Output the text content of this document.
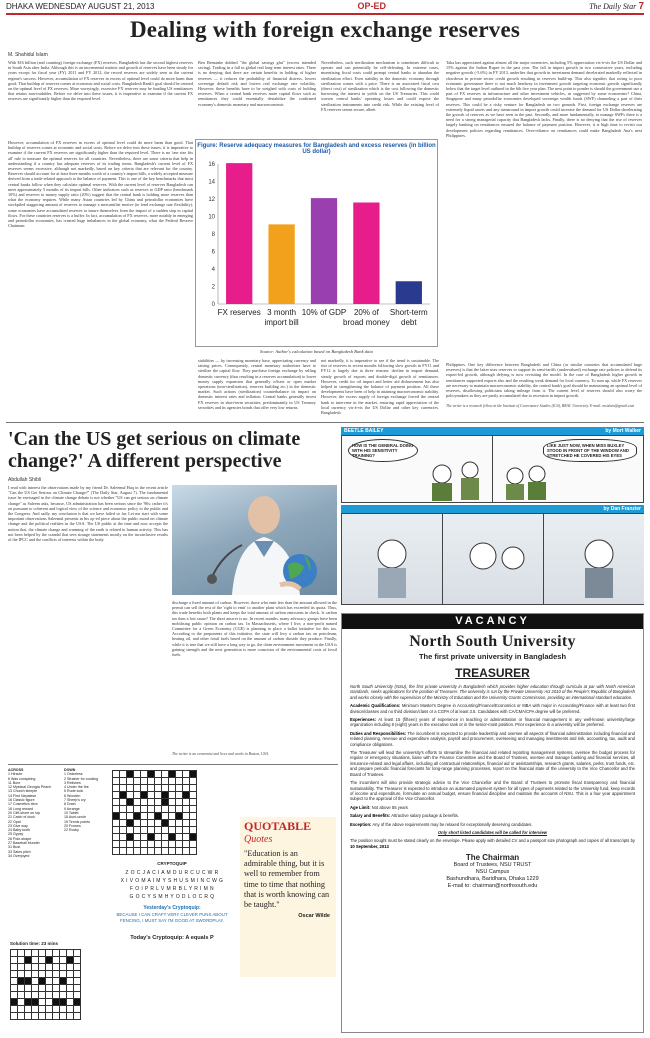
DHAKA WEDNESDAY AUGUST 21, 2013	OP-ED	The Daily Star 7
Dealing with foreign exchange reserves
M. Shahidul Islam
With $16 billion (and counting) foreign exchange (FX) reserves, Bangladesh has the second highest reserves in South Asia after India. Although this is an incremental statistic and growth of reserves have been steady for years except for fiscal year (FY) 2011 and FY 2012, the record reserves are widely seen as the current regime's success. However, accumulation of FX reserves in excess of optimal level could do more harm than good. That buildup of reserves comes at economic and social costs. Bangladesh Bank's goal should be centred on the optimal level of FX reserves. More worryingly, excessive FX reserves may be funding US remittances that retains non-tradables. Before we delve into these issues, it is imperative to examine if the current FX reserves are significantly higher than the required level.
Ben Bernanke dubbed "the global savings glut" (excess intended saving). Trading in a fall in global real long-term interest rates. There is no denying that there are certain benefits in holding of higher reserves — it reduces the probability of financial distress, lowers sovereign default risk and lowers real exchange rate volatility. However, these benefits have to be weighed with costs of holding reserves. When a central bank receives more capital flows such as remittances they could essentially destabilize the confirmed economy's domestic monetary and macroeconomic
Nevertheless, such sterilization mechanism is sometimes difficult to operate and can potentially be self-defeating. In extreme cases, monetizing fiscal costs could prompt central banks to abandon the sterilization effort. Even stability in the domestic economy through sterilization comes with a price. There is an associated fiscal cost (direct cost) of sterilization which is the cost following the domestic borrowing the interest in yields on the US Treasuries. This could worsen central banks' operating losses and could expose the sterilization instruments into credit risk. While the existing level of FX reserves seems secure, albeit
Taka has appreciated against almost all the major currencies, including 5% appreciation vis-à-vis the US Dollar and 15% against the Indian Rupee in the past year. The fall in import growth in two consecutive years, including negative growth (-5.6%) in FY 2013, underlies that growth in investment demand decelerated markedly reflected in slowdown in private sector credit growth resulting in reserves build-up. This also signifies that owing to poor economic governance there is not much headway in investment growth targeting economic growth significantly below that the target level outlined in the 6th five year plan. The next point to ponder is should the government use a part of FX reserves in infrastructure and other investment vehicles, as suggested by some economists? China, Singapore and many petrodollar economies developed sovereign wealth funds (SWF) channeling a part of their reserves. This could be a risky venture for Bangladesh on two grounds. First, foreign exchange reserves are extremely liquid assets and any turnaround in import growth could increase the demand for US Dollar decelerating the growth of reserves as we have seen in the past. Secondly, and more fundamentally, to manage SWFs there is a need for a strong managerial capacity that Bangladesh lacks. Finally, there is no denying that the rise of reserves largely banking on remittances ensured the balance of payment position. However, it is high time to revisit our development policies regarding remittances. Over-reliance on remittances could make Bangladesh Ana's next Philippines.
However, accumulation of FX reserves in excess of optimal level could do more harm than good. That buildup of reserves comes at economic and social costs. Before we delve into these issues, it is imperative to examine if the current FX reserves are significantly higher than the required level. There is no 'one size fits all' rule to measure the optimal reserves for all countries. Nevertheless, there are some criteria that help in understanding if a country has adequate reserves of its trading terms. Bangladesh's current level of FX reserves seems excessive, although not markedly, based on key criteria that are relevant for the country. Reserves should account for at least three months worth of a country's import bills, a widely accepted measure derived from a trade-related approach to the balance of payment. This is one of the key benchmarks that most central banks follow when they calculate optimal reserves. With the current level of reserves Bangladesh can meet approximately 5 months of its import bills. Other indicators such as reserves to GDP ratio (benchmark 10%) and reserves to money supply ratio (20%) suggest that the central bank is holding more reserves than what the economy requires. While many Asian countries led by China and petrodollar economies have stockpiled staggering amount of reserves to manage a mercantilist motive (to fend exchange rate flexibility), some economies have accumulated reserves to insure themselves from the impact of a sudden stop in capital flows. For these countries reserves is a buffer. In fact, accumulation of FX reserves, more notably in emerging and petrodollar economies, has created huge imbalances in the global economy, what the Federal Reserve Chairman
Figure: Reserve adequacy measures for Bangladesh and excess reserves (in billion US dollar)
0
2
4
6
8
10
12
14
16
FX reserves 3 month
import bill
10% of GDP 20% of
broad money
Short-term
debt
Source: Author's calculation based on Bangladesh Bank data
stabilities — by increasing monetary base, appreciating currency and raising prices. Consequently, central monetary authorities have to sterilize the capital flow. They purchase foreign exchange by selling domestic currency (thus resulting in a reserves accumulation) to lower money supply expansion that generally offsets or open market operations (non-sterilisation), reserves building etc.) in the domestic market. Such actions (sterilization) counterbalance its impact on domestic interest rates and inflation. Central banks generally invest FX reserves in short-term securities, predominantly in US Treasury securities and its agencies bonds that offer very low returns.
not markedly, it is imperative to see if the trend is sustainable. The rise of reserves in recent months following slow growth in FY11 and FY12 is largely due to three reasons: decline in import demand, steady growth of exports and double-digit growth of remittances. However, credit for oil import and better aid disbursement has also helped in strengthening the balance of payment position. All these developments have been of help in attaining macroeconomic stability. However, the excess supply of foreign exchange forced the central bank to intervene in the market, ensuring rapid appreciation of the local currency vis-à-vis the US Dollar and other key currencies. Bangladesh
Philippines. One key difference between Bangladesh and China (or similar countries that accumulated huge reserves) is that the latter uses reserves to support its semi-tariffs (undervalued) exchange rate policies to defend its export-led growth, although defying is now revisiting the model. In the case of Bangladesh higher growth in remittances supported exports also and the resulting weak demand for local currency. To sum up, while FX reserves are necessary to maintain macroeconomic stability, the central bank's goal should be maintaining an optimal level of reserves, disallowing politicians taking mileage from it. The current level of reserves should also worry the policymakers as they are partly accumulated due to recession in import growth.
The writer is a research fellow at the Institute of Governance Studies (IGS), BRAC University. E-mail: msislam@gmail.com
'Can the US get serious on climate change?' A different perspective
Abdullah Shibli
I read with interest the observations made by my friend Dr. Saleemul Huq in the recent article "Can the US Get Serious on Climate Change?" (The Daily Star, August 7). The fundamental issue he envisaged in the climate change debate is not whether "US can get serious on climate change" as Saleem asks, because, US administration has been serious since the '90s; rather it's on pursuant to coherent and logical view of the science and economic policy to the public and the Congress. And sadly, my conclusion is that we have failed so far. Let me start with some important observations Saleemul presents in his op-ed piece about the public mood on climate change and the political realities in the USA. The US public at the time and now accepts the notion that, the climate change and warming of the earth is related to human activity. This has not been helped by the scandal that sees strange statements mostly on the inconclusive results of the IPCC and the conflicts of interests within the body.
discharge a fixed amount of carbon. However, those who emit less than the amount allowed in the permit can sell the rest of the 'right to emit' to another plant which has exceeded its quota. Thus, this trade benefits both plants and keeps the total amount of carbon emissions in check. Is carbon tax then a lost cause? The short answer is no. In recent months, many advocacy groups have been mobilising public opinion on carbon tax. In Massachusetts, where I live, a non-profit named Committee for a Green Economy (CGE) is planning to place a ballot initiative for this tax. According to the proponents of this initiative, the state will levy a carbon tax on petroleum, heating oil, and other fossil fuels based on the amount of carbon dioxide they produce. Finally, while it is true that we still have a long way to go, the clean environment movement in the USA is gaining strength and the next generation is more conscious of the environmental costs of fossil fuels.
The writer is an economist and lives and works in Boston, USA.
BEETLE BAILEY	by Mort Walker
HOW IS THE GENERAL DOING WITH HIS SENSITIVITY TRAINING?
LIKE JUST NOW, WHEN MISS BUXLEY STOOD IN FRONT OF THE WINDOW AND STRETCHED HE COVERED HIS EYES
by Dan Franzier
ACROSS
1 Hirsute
6 Was conspiring
11 Bore
12 Mystical Georgia Peach
13 Church steeple
14 First Nepalese
16 Classic figure
17 Cosmetics item
18 Long reward
20 Cliff-shore on top
21 Catch of dock
22 Opal
23 Give way
24 Baby tooth
25 Gypsy
26 Pole-shape
27 Baseball blunder
31 Bust
33 Sales pitch
34 Overjoyed
DOWN
1 Orderless
2 Strainer for cooking
3 Relishes
4 Under the fire
5 Rude look
6 Wooden
7 Sheep's cry
8 Drain
9 Arrange
10 Tablet
15 Aunt-uncle
19 Tennis points
20 Frowns
22 Rocky
Solution time: 23 mins

CRYPTOQUIP
Z O C J A C I A M D U R C U C W R
X I V O M A I M Y S H U S M I N C W G
F O I P R L V M R B L Y R I M N
G O C Y S M H Y O D L O C R Q
Yesterday's Cryptoquip:
BECAUSE I CAN CRAFT VERY CLEVER PUNS ABOUT FENCING, I MUST SAY I'M GOOD AT SWORDPLAY.
Today's Cryptoquip: A equals P
QUOTABLE
Quotes
"Education is an admirable thing, but it is well to remember from time to time that nothing that is worth knowing can be taught."
Oscar Wilde
VACANCY
North South University
The first private university in Bangladesh
TREASURER

North South University (NSU), the first private university in Bangladesh which provides higher education through curricula at par with North American standards, seeks applications for the position of Treasurer. The university is run by the Private University Act 2010 of the People's Republic of Bangladesh and works closely with the supervision of the Ministry of Education and the University Grants Commission, providing an international standard education.

Academic Qualifications: Minimum Master's Degree in Accounting/Finance/Economics or MBA with major in Accounting/Finance with at least two first division/classes and no third division/class or a CGPA of at least 3.5. Candidates with CA/CMA/CPA degree will be preferred.

Experiences: At least 15 (fifteen) years of experience in teaching or administration or financial management in any well-known university/large organization including 8 (eight) years in the executive rank or in the senior-most position. Prior experience in a university will be preferred.

Duties and Responsibilities: The incumbent is expected to provide leadership and oversee all aspects of financial administration including financial and related planning, revenue and expenditure analysis, payroll and procurement, overseeing and managing investments and risk, accounting, tax, audit and compliance obligations.

The Treasurer will lead the university's efforts to streamline the financial and related reporting management systems, oversee the budget process for regular or emergency situations, liaise with the Finance Committee and the Board of Trustees, oversee and manage banking and financial services, all insurance-related and legal affairs, including all contractual relationships, financial aid or assistantships, research grants, salaries, perks, trust funds, etc. and prepare periodic financial forecasts for long-range planning processes, report on the financial state of the university to the Vice Chancellor and the Board of Trustees.

The incumbent will also provide strategic advice to the Vice Chancellor and the Board of Trustees to promote fiscal transparency and financial sustainability. The Treasurer is expected to introduce an automated payment system for all types of payments related to the University fund, keep records of income and expenditure, formulate an annual budget, ensure financial discipline and maintain the accounts of NSU. This is a four year appointment subject to the approval of the Vice Chancellor.

Age Limit: Not above 55 years

Salary and Benefits: Attractive salary package & benefits.

Exception: Any of the above requirements may be relaxed for exceptionally deserving candidates.

Only short listed candidates will be called for interview

The position sought must be stated clearly on the envelope. Please apply with detailed CV and a passport size photograph and copies of all transcripts by 10 September, 2013

The Chairman
Board of Trustees, NSU TRUST
NSU Campus
Bashundhara, Baridhara, Dhaka 1229
E-mail to: chairman@northsouth.edu
